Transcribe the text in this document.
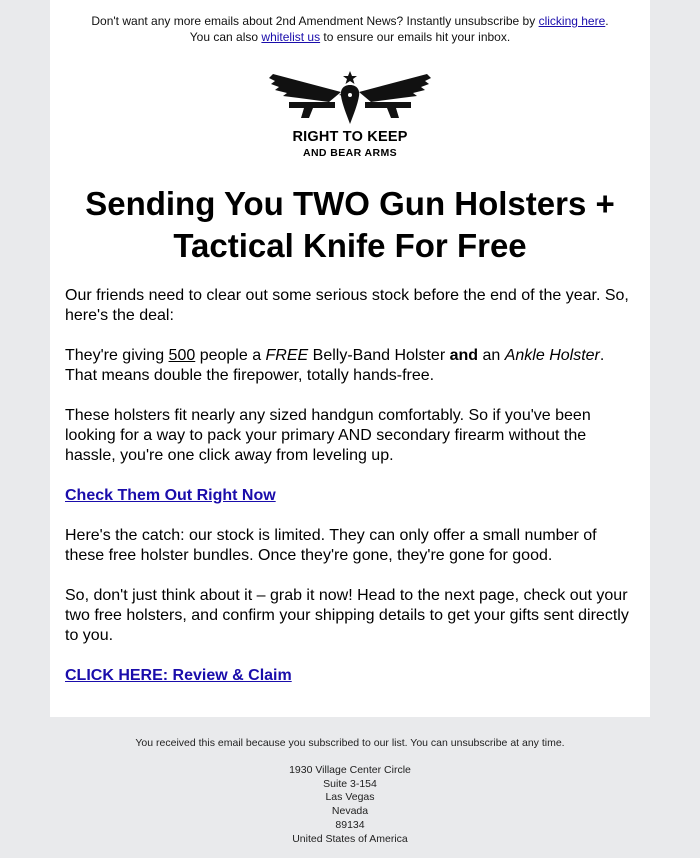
Don't want any more emails about 2nd Amendment News? Instantly unsubscribe by clicking here.
You can also whitelist us to ensure our emails hit your inbox.
RIGHT TO KEEP
AND BEAR ARMS
Sending You TWO Gun Holsters + Tactical Knife For Free

Our friends need to clear out some serious stock before the end of the year. So, here's the deal:

They're giving 500 people a FREE Belly-Band Holster and an Ankle Holster. That means double the firepower, totally hands-free.

These holsters fit nearly any sized handgun comfortably. So if you've been looking for a way to pack your primary AND secondary firearm without the hassle, you're one click away from leveling up.

Check Them Out Right Now

Here's the catch: our stock is limited. They can only offer a small number of these free holster bundles. Once they're gone, they're gone for good.

So, don't just think about it – grab it now! Head to the next page, check out your two free holsters, and confirm your shipping details to get your gifts sent directly to you.

CLICK HERE: Review & Claim

You received this email because you subscribed to our list. You can unsubscribe at any time.
1930 Village Center Circle
Suite 3-154
Las Vegas
Nevada
89134
United States of America
